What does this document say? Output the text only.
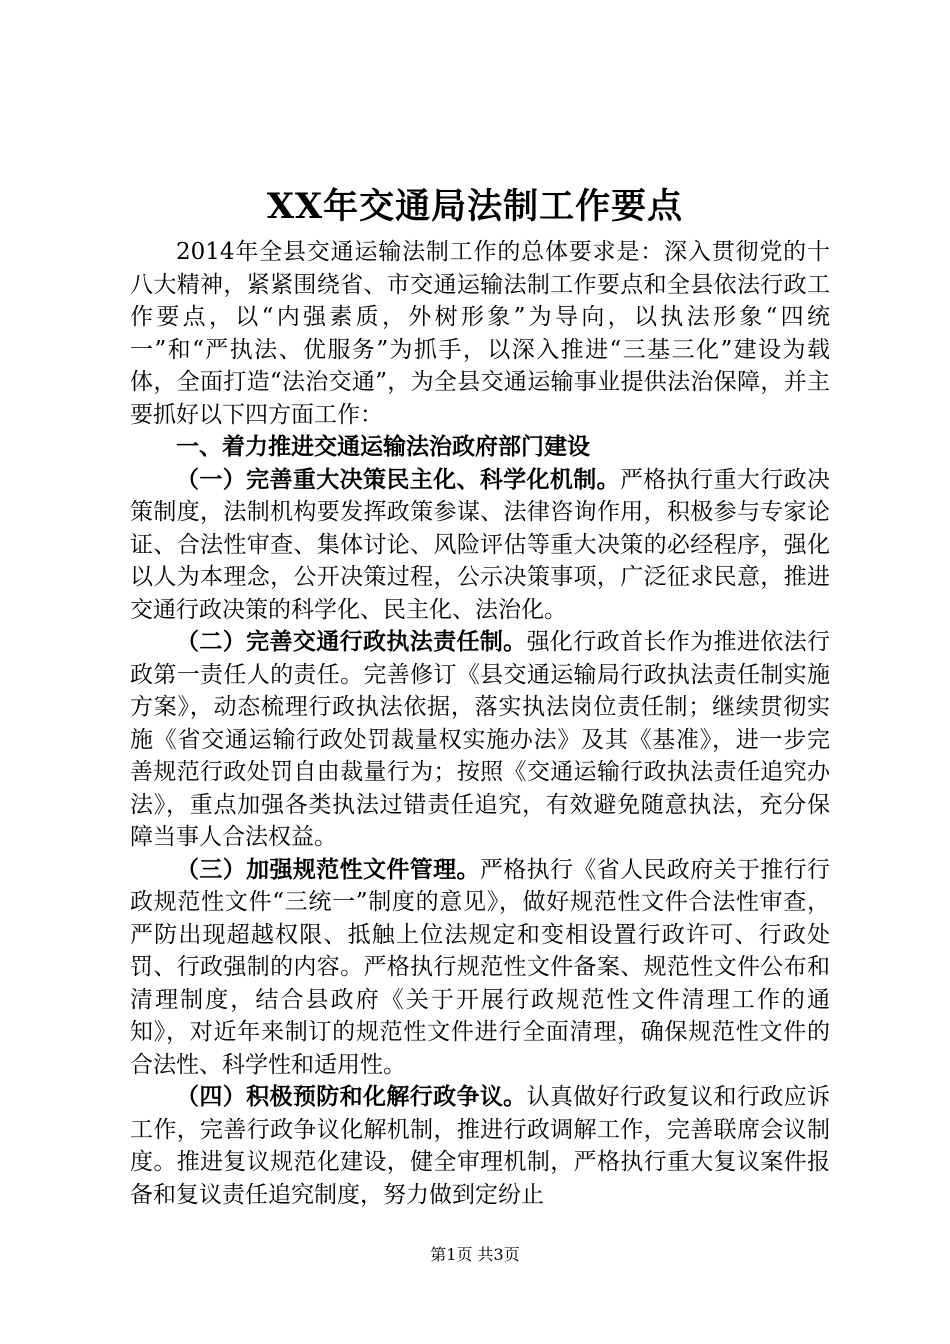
XX年交通局法制工作要点

2014年全县交通运输法制工作的总体要求是：深入贯彻党的十八大精神，紧紧围绕省、市交通运输法制工作要点和全县依法行政工作要点，以“内强素质，外树形象”为导向，以执法形象“四统一”和“严执法、优服务”为抓手，以深入推进“三基三化”建设为载体，全面打造“法治交通”，为全县交通运输事业提供法治保障，并主要抓好以下四方面工作：

一、着力推进交通运输法治政府部门建设

（一）完善重大决策民主化、科学化机制。严格执行重大行政决策制度，法制机构要发挥政策参谋、法律咨询作用，积极参与专家论证、合法性审查、集体讨论、风险评估等重大决策的必经程序，强化以人为本理念，公开决策过程，公示决策事项，广泛征求民意，推进交通行政决策的科学化、民主化、法治化。

（二）完善交通行政执法责任制。强化行政首长作为推进依法行政第一责任人的责任。完善修订《县交通运输局行政执法责任制实施方案》，动态梳理行政执法依据，落实执法岗位责任制；继续贯彻实施《省交通运输行政处罚裁量权实施办法》及其《基准》，进一步完善规范行政处罚自由裁量行为；按照《交通运输行政执法责任追究办法》，重点加强各类执法过错责任追究，有效避免随意执法，充分保障当事人合法权益。

（三）加强规范性文件管理。严格执行《省人民政府关于推行行政规范性文件“三统一”制度的意见》，做好规范性文件合法性审查，严防出现超越权限、抵触上位法规定和变相设置行政许可、行政处罚、行政强制的内容。严格执行规范性文件备案、规范性文件公布和清理制度，结合县政府《关于开展行政规范性文件清理工作的通知》，对近年来制订的规范性文件进行全面清理，确保规范性文件的合法性、科学性和适用性。

（四）积极预防和化解行政争议。认真做好行政复议和行政应诉工作，完善行政争议化解机制，推进行政调解工作，完善联席会议制度。推进复议规范化建设，健全审理机制，严格执行重大复议案件报备和复议责任追究制度，努力做到定纷止

第1页 共3页
